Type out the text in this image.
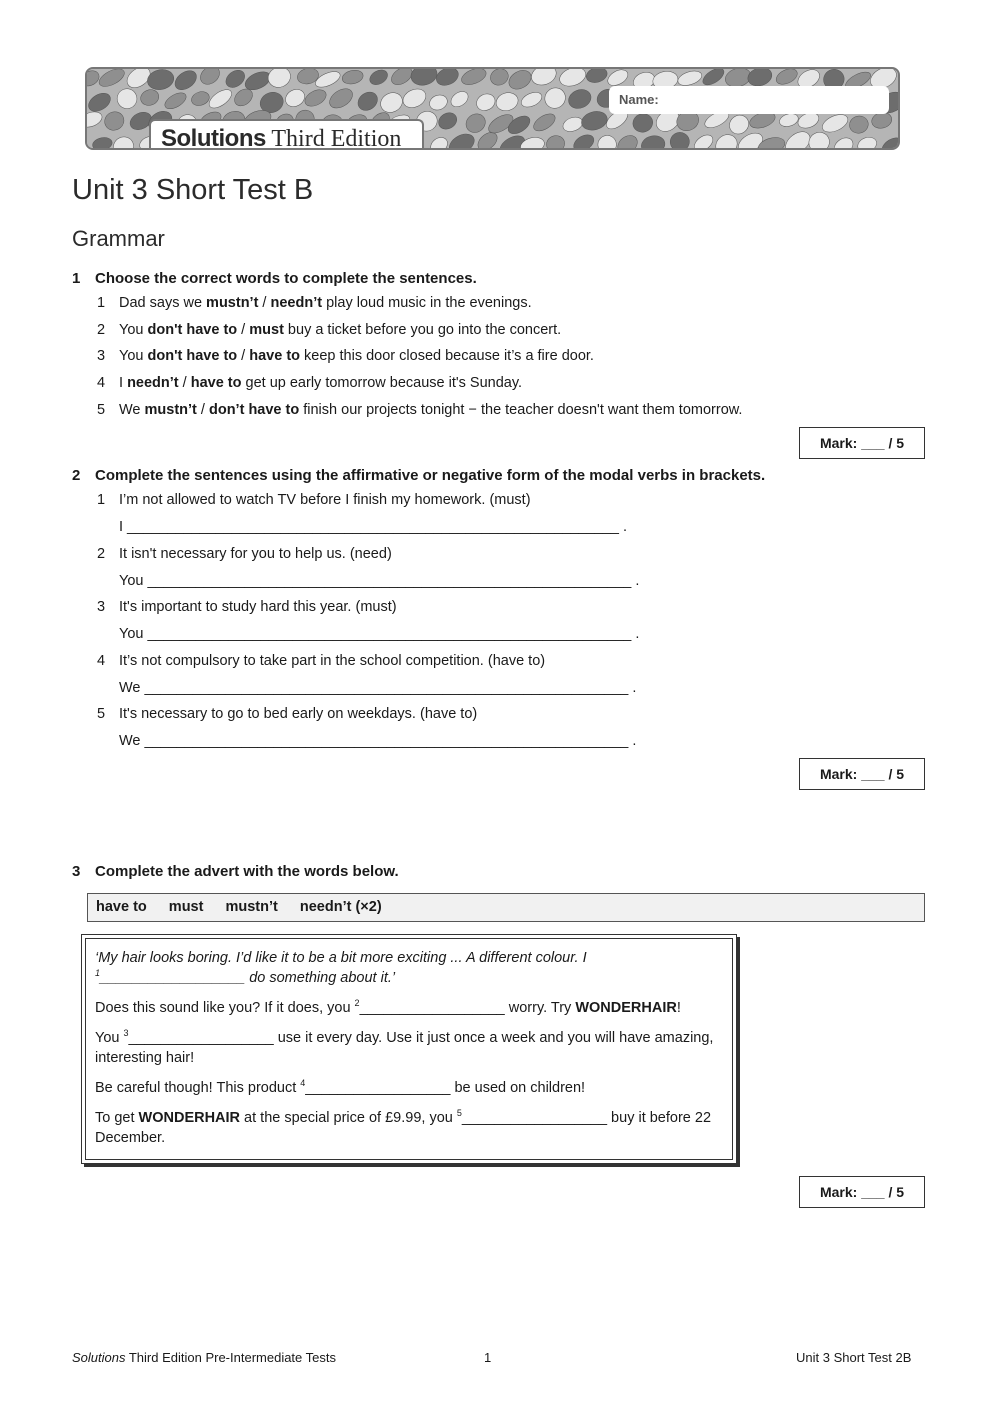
Name:
Solutions Third Edition
Unit 3 Short Test B
Grammar
1 Choose the correct words to complete the sentences.
1 Dad says we mustn’t / needn’t play loud music in the evenings.
2 You don't have to / must buy a ticket before you go into the concert.
3 You don't have to / have to keep this door closed because it’s a fire door.
4 I needn’t / have to get up early tomorrow because it's Sunday.
5 We mustn’t / don’t have to finish our projects tonight − the teacher doesn't want them tomorrow.
Mark: ___ / 5
2 Complete the sentences using the affirmative or negative form of the modal verbs in brackets.
1 I’m not allowed to watch TV before I finish my homework. (must)
I _____________________________________________________________ .
2 It isn't necessary for you to help us. (need)
You ____________________________________________________________ .
3 It's important to study hard this year. (must)
You ____________________________________________________________ .
4 It’s not compulsory to take part in the school competition. (have to)
We ____________________________________________________________ .
5 It's necessary to go to bed early on weekdays. (have to)
We ____________________________________________________________ .
Mark: ___ / 5
3 Complete the advert with the words below.
have to must mustn’t needn’t (×2)
‘My hair looks boring. I’d like it to be a bit more exciting ... A different colour. I
$^1$__________________ do something about it.’
Does this sound like you? If it does, you $^2$__________________ worry. Try WONDERHAIR!
You $^3$__________________ use it every day. Use it just once a week and you will have amazing, interesting hair!
Be careful though! This product $^4$__________________ be used on children!
To get WONDERHAIR at the special price of £9.99, you $^5$__________________ buy it before 22 December.
Mark: ___ / 5
Solutions Third Edition Pre-Intermediate Tests	1	Unit 3 Short Test 2B
